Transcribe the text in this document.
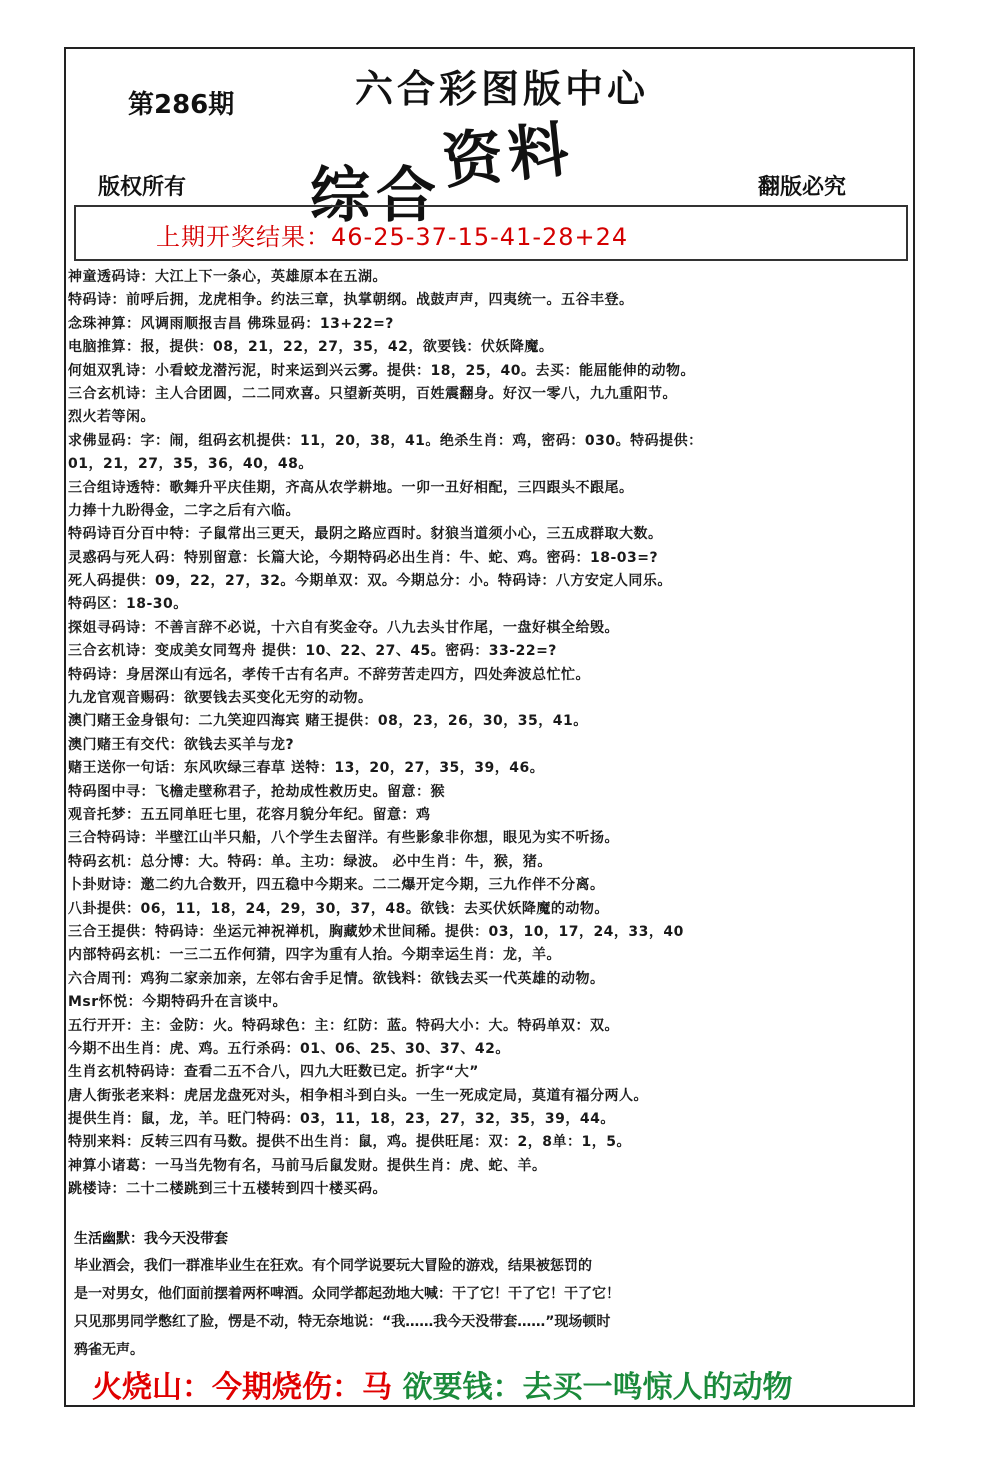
第286期	六合彩图版中心
综合资料
版权所有	翻版必究
上期开奖结果：46-25-37-15-41-28+24
神童透码诗：大江上下一条心，英雄原本在五湖。
特码诗：前呼后拥，龙虎相争。约法三章，执掌朝纲。战鼓声声，四夷统一。五谷丰登。
念珠神算：风调雨顺报吉昌 佛珠显码：13+22=?
电脑推算：报，提供：08，21，22，27，35，42，欲要钱：伏妖降魔。
何姐双乳诗：小看蛟龙潜污泥，时来运到兴云雾。提供：18，25，40。去买：能屈能伸的动物。
三合玄机诗：主人合团圆，二二同欢喜。只望新英明，百姓震翻身。好汉一零八，九九重阳节。
烈火若等闲。
求佛显码：字：闹，组码玄机提供：11，20，38，41。绝杀生肖：鸡，密码：030。特码提供：
01，21，27，35，36，40，48。
三合组诗透特：歌舞升平庆佳期，齐高从农学耕地。一卯一丑好相配，三四跟头不跟尾。
力捧十九盼得金，二字之后有六临。
特码诗百分百中特：子鼠常出三更天，最阴之路应酉时。豺狼当道须小心，三五成群取大数。
灵惑码与死人码：特别留意：长篇大论，今期特码必出生肖：牛、蛇、鸡。密码：18-03=?
死人码提供：09，22，27，32。今期单双：双。今期总分：小。特码诗：八方安定人同乐。
特码区：18-30。
探姐寻码诗：不善言辞不必说，十六自有奖金夺。八九去头甘作尾，一盘好棋全给毁。
三合玄机诗：变成美女同驾舟 提供：10、22、27、45。密码：33-22=?
特码诗：身居深山有远名，孝传千古有名声。不辞劳苦走四方，四处奔波总忙忙。
九龙官观音赐码：欲要钱去买变化无穷的动物。
澳门赌王金身银句：二九笑迎四海宾 赌王提供：08，23，26，30，35，41。
澳门赌王有交代：欲钱去买羊与龙?
赌王送你一句话：东风吹绿三春草 送特：13，20，27，35，39，46。
特码图中寻：飞檐走壁称君子，抢劫成性救历史。留意：猴
观音托梦：五五同单旺七里，花容月貌分年纪。留意：鸡
三合特码诗：半壁江山半只船，八个学生去留洋。有些影象非你想，眼见为实不听扬。
特码玄机：总分博：大。特码：单。主功：绿波。 必中生肖：牛，猴，猪。
卜卦财诗：邀二约九合数开，四五稳中今期来。二二爆开定今期，三九作伴不分离。
八卦提供：06，11，18，24，29，30，37，48。欲钱：去买伏妖降魔的动物。
三合王提供：特码诗：坐运元神祝禅机，胸藏妙术世间稀。提供：03，10，17，24，33，40
内部特码玄机：一三二五作何猜，四字为重有人抬。今期幸运生肖：龙，羊。
六合周刊：鸡狗二家亲加亲，左邻右舍手足情。欲钱料：欲钱去买一代英雄的动物。
Msr怀悦：今期特码升在言谈中。
五行开开：主：金防：火。特码球色：主：红防：蓝。特码大小：大。特码单双：双。
今期不出生肖：虎、鸡。五行杀码：01、06、25、30、37、42。
生肖玄机特码诗：查看二五不合八，四九大旺数已定。折字“大”
唐人街张老来料：虎居龙盘死对头，相争相斗到白头。一生一死成定局，莫道有福分两人。
提供生肖：鼠，龙，羊。旺门特码：03，11，18，23，27，32，35，39，44。
特别来料：反转三四有马数。提供不出生肖：鼠，鸡。提供旺尾：双：2，8单：1，5。
神算小诸葛：一马当先物有名，马前马后鼠发财。提供生肖：虎、蛇、羊。
跳楼诗：二十二楼跳到三十五楼转到四十楼买码。
生活幽默：我今天没带套
毕业酒会，我们一群准毕业生在狂欢。有个同学说要玩大冒险的游戏，结果被惩罚的
是一对男女，他们面前摆着两杯啤酒。众同学都起劲地大喊：干了它！干了它！干了它！
只见那男同学憋红了脸，愣是不动，特无奈地说：“我……我今天没带套……”现场顿时
鸦雀无声。
火烧山：今期烧伤：马 欲要钱：去买一鸣惊人的动物
